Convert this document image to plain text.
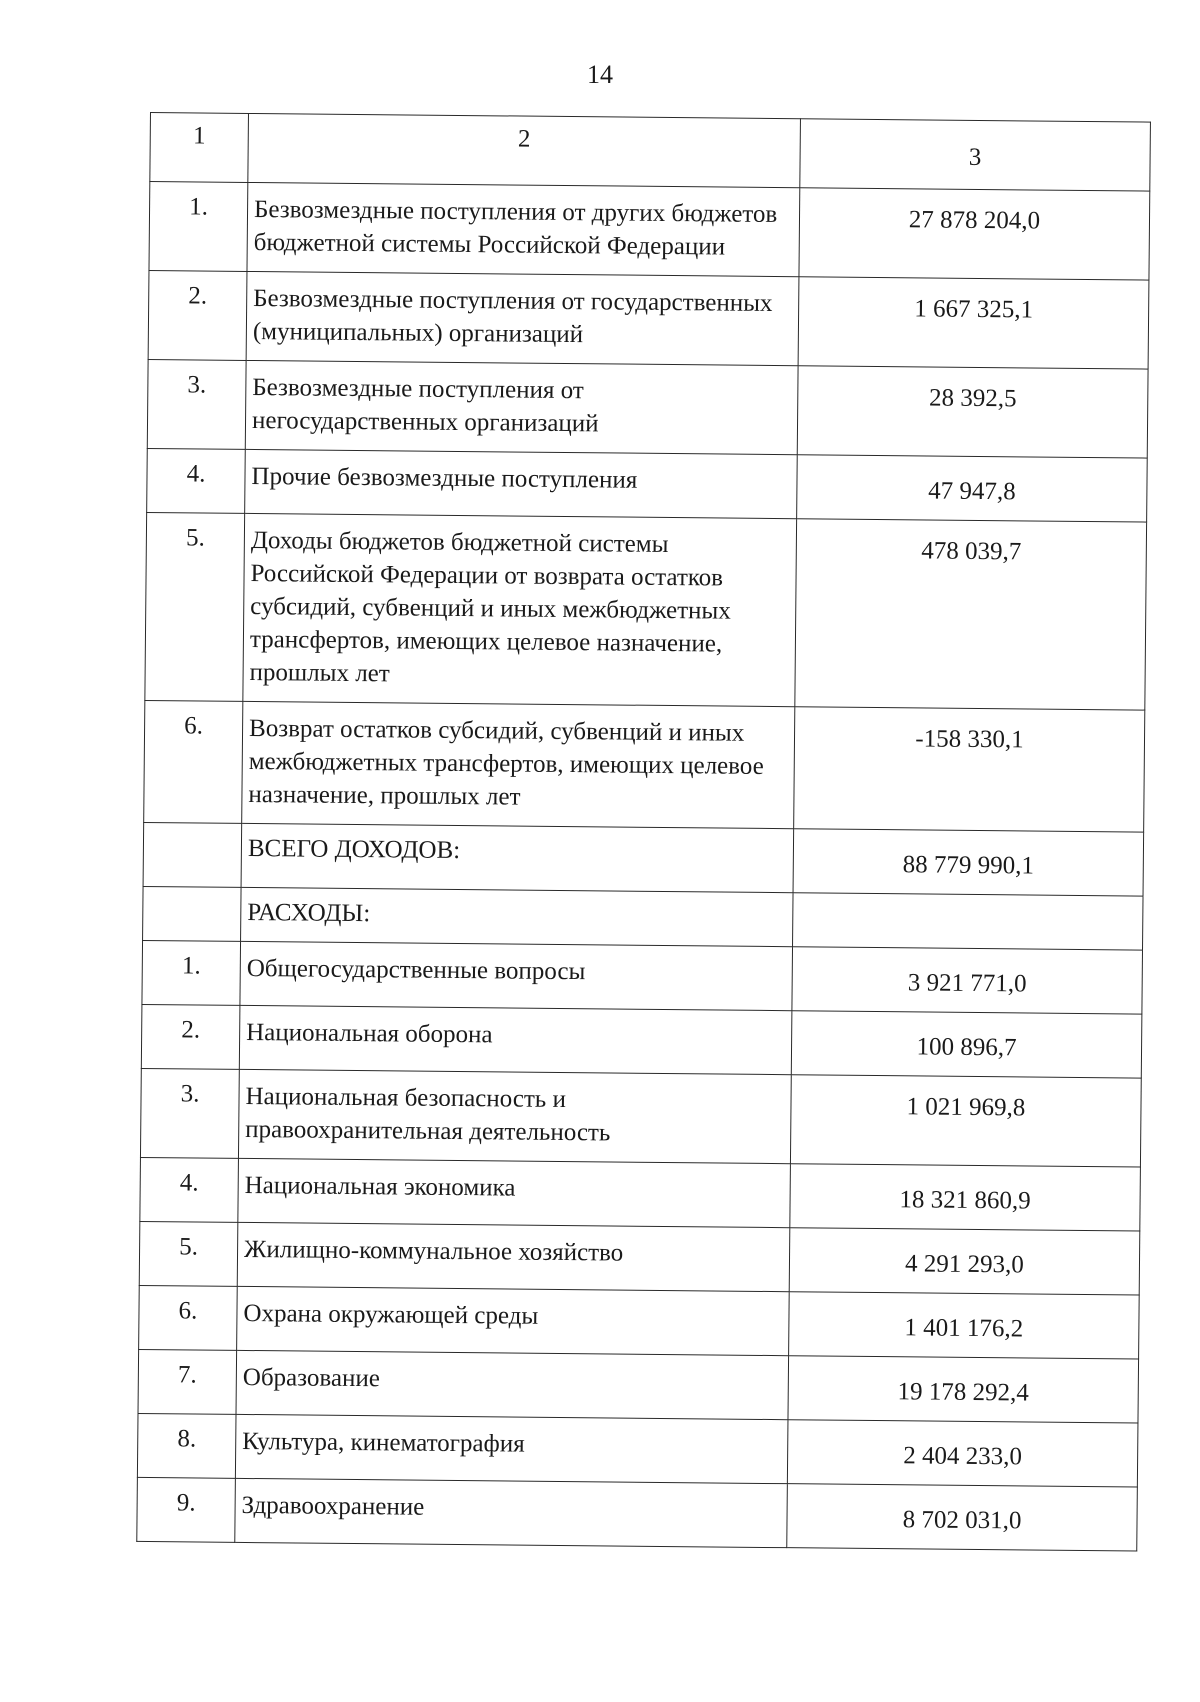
14
1	2	3
1.	Безвозмездные поступления от других бюджетов бюджетной системы Российской Федерации	27 878 204,0
2.	Безвозмездные поступления от государственных (муниципальных) организаций	1 667 325,1
3.	Безвозмездные поступления от негосударственных организаций	28 392,5
4.	Прочие безвозмездные поступления	47 947,8
5.	Доходы бюджетов бюджетной системы Российской Федерации от возврата остатков субсидий, субвенций и иных межбюджетных трансфертов, имеющих целевое назначение, прошлых лет	478 039,7
6.	Возврат остатков субсидий, субвенций и иных межбюджетных трансфертов, имеющих целевое назначение, прошлых лет	-158 330,1
	ВСЕГО ДОХОДОВ:	88 779 990,1
	РАСХОДЫ:	
1.	Общегосударственные вопросы	3 921 771,0
2.	Национальная оборона	100 896,7
3.	Национальная безопасность и правоохранительная деятельность	1 021 969,8
4.	Национальная экономика	18 321 860,9
5.	Жилищно-коммунальное хозяйство	4 291 293,0
6.	Охрана окружающей среды	1 401 176,2
7.	Образование	19 178 292,4
8.	Культура, кинематография	2 404 233,0
9.	Здравоохранение	8 702 031,0
